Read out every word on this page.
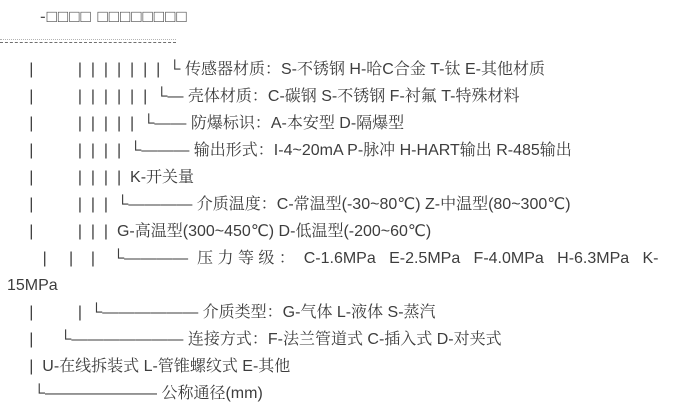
-□□□□ □□□□□□□□
|          |  |  |  |  |  |  |  └ 传感器材质：S-不锈钢 H-哈C合金 T-钛 E-其他材质
|          |  |  |  |  |  |  └— 壳体材质：C-碳钢 S-不锈钢 F-衬氟 T-特殊材料
|          |  |  |  |  |  └—— 防爆标识：A-本安型 D-隔爆型
|          |  |  |  |  └——— 输出形式：I-4~20mA P-脉冲 H-HART输出 R-485输出
|          |  |  |  |  K-开关量
|          |  |  |  └———— 介质温度：C-常温型(-30~80℃) Z-中温型(80~300℃)
|          |  |  |  G-高温型(300~450℃) D-低温型(-200~60℃)
|     |    |    └————  压 力 等 级 ：  C-1.6MPa   E-2.5MPa   F-4.0MPa   H-6.3MPa   K-
15MPa
|          |  └—————— 介质类型：G-气体 L-液体 S-蒸汽
|      └——————— 连接方式：F-法兰管道式 C-插入式 D-对夹式
|  U-在线拆装式 L-管锥螺纹式 E-其他
└——————— 公称通径(mm)
